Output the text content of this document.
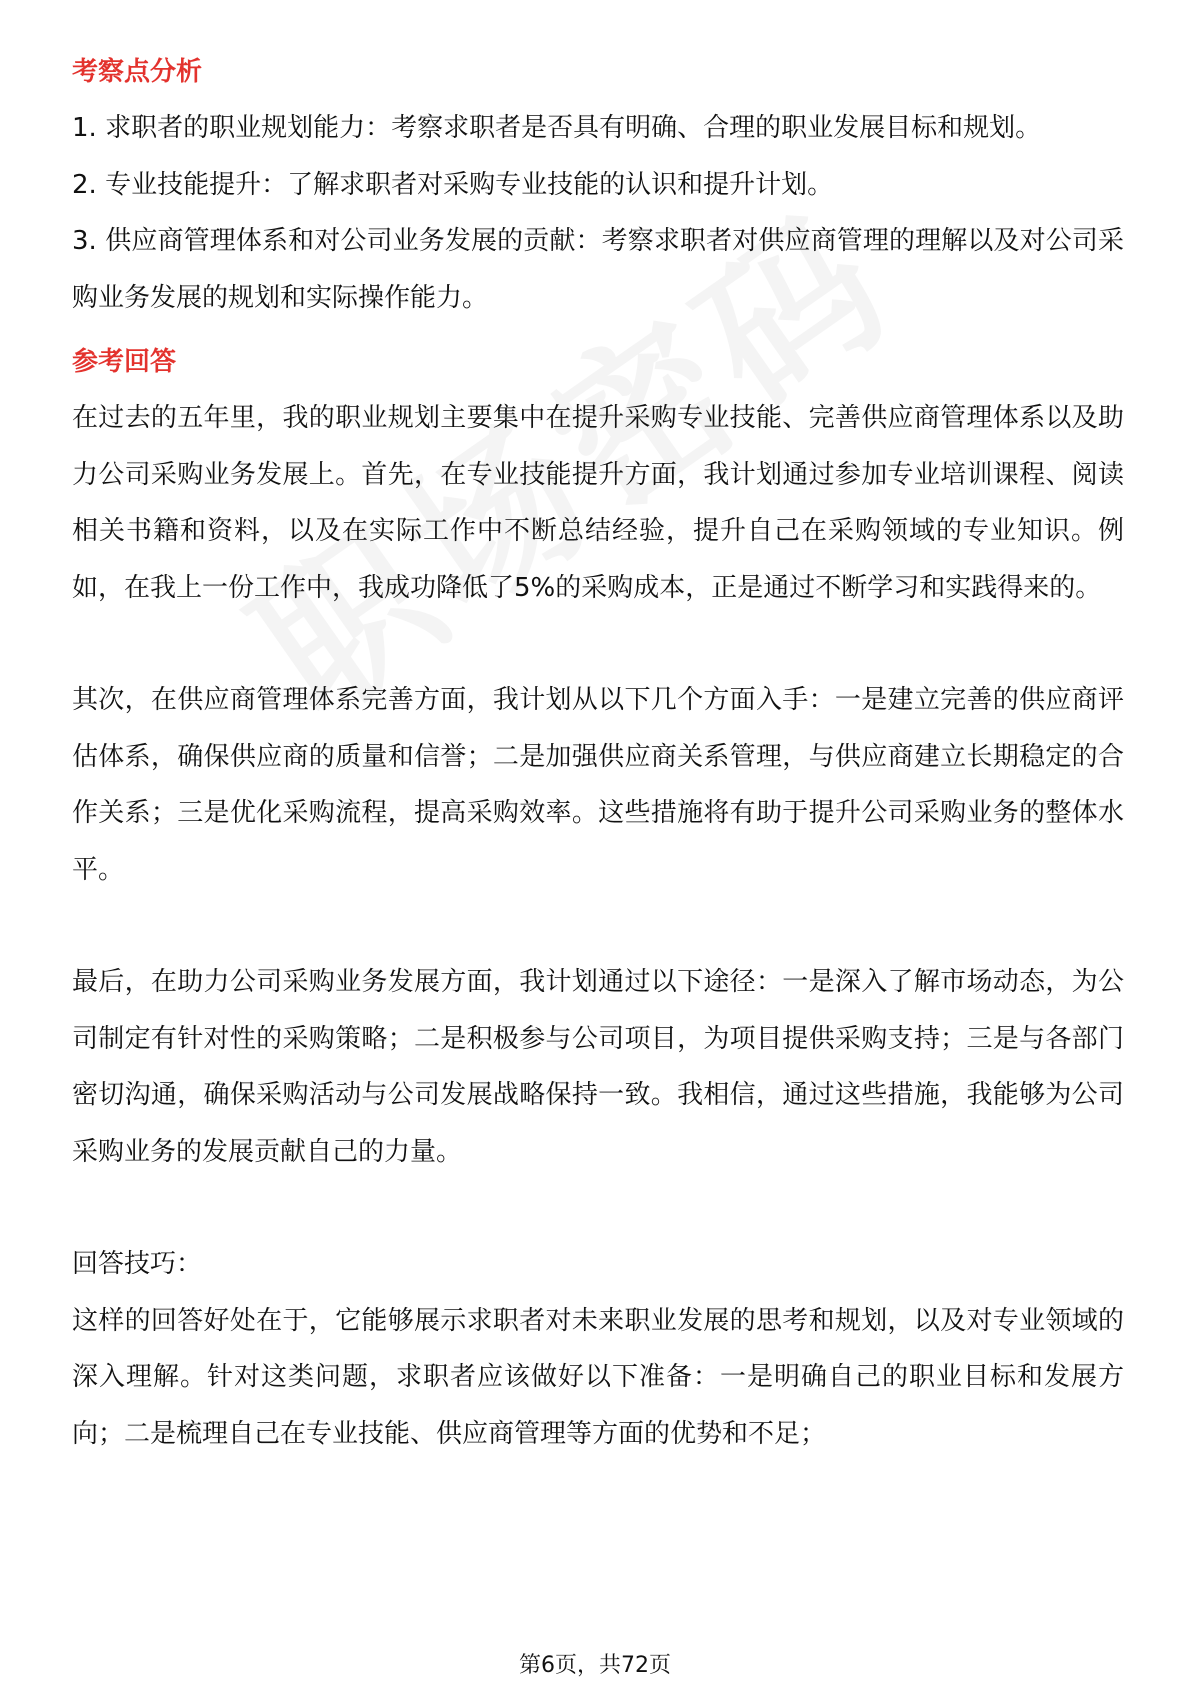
考察点分析

1. 求职者的职业规划能力：考察求职者是否具有明确、合理的职业发展目标和规划。

2. 专业技能提升：了解求职者对采购专业技能的认识和提升计划。

3. 供应商管理体系和对公司业务发展的贡献：考察求职者对供应商管理的理解以及对公司采购业务发展的规划和实际操作能力。

参考回答

在过去的五年里，我的职业规划主要集中在提升采购专业技能、完善供应商管理体系以及助力公司采购业务发展上。首先，在专业技能提升方面，我计划通过参加专业培训课程、阅读相关书籍和资料，以及在实际工作中不断总结经验，提升自己在采购领域的专业知识。例如，在我上一份工作中，我成功降低了5%的采购成本，正是通过不断学习和实践得来的。

其次，在供应商管理体系完善方面，我计划从以下几个方面入手：一是建立完善的供应商评估体系，确保供应商的质量和信誉；二是加强供应商关系管理，与供应商建立长期稳定的合作关系；三是优化采购流程，提高采购效率。这些措施将有助于提升公司采购业务的整体水平。

最后，在助力公司采购业务发展方面，我计划通过以下途径：一是深入了解市场动态，为公司制定有针对性的采购策略；二是积极参与公司项目，为项目提供采购支持；三是与各部门密切沟通，确保采购活动与公司发展战略保持一致。我相信，通过这些措施，我能够为公司采购业务的发展贡献自己的力量。

回答技巧：

这样的回答好处在于，它能够展示求职者对未来职业发展的思考和规划，以及对专业领域的深入理解。针对这类问题，求职者应该做好以下准备：一是明确自己的职业目标和发展方向；二是梳理自己在专业技能、供应商管理等方面的优势和不足；

第6页，共72页
